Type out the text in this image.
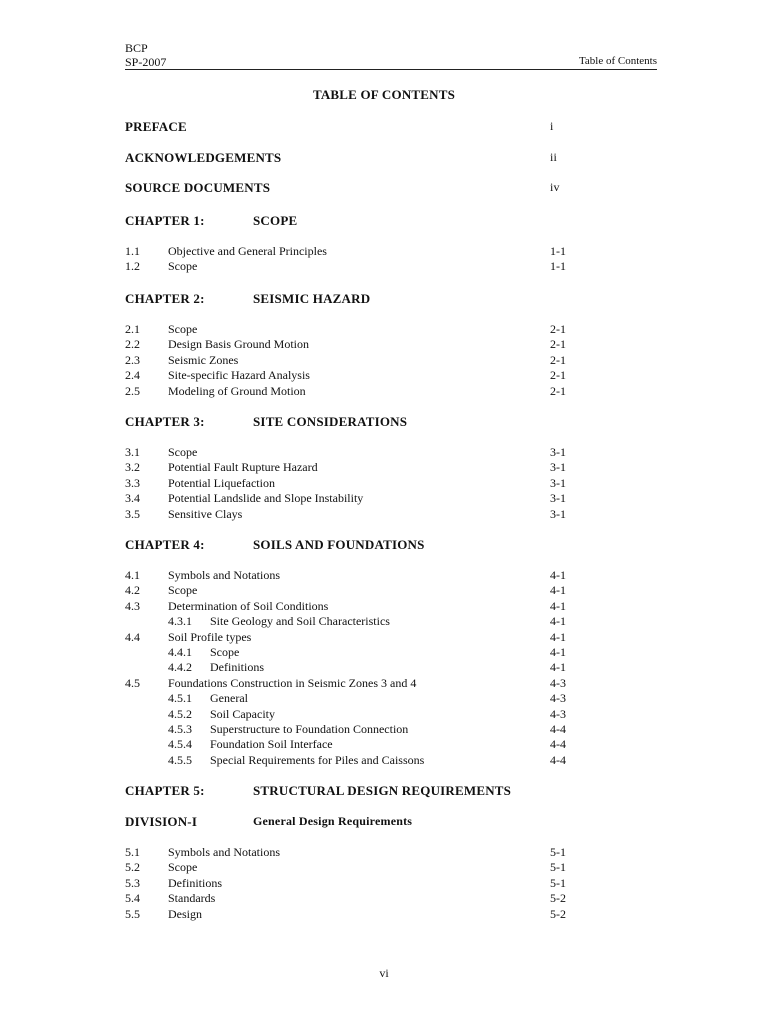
BCP
SP-2007	Table of Contents
TABLE OF CONTENTS
PREFACE	i
ACKNOWLEDGEMENTS	ii
SOURCE DOCUMENTS	iv
CHAPTER 1:	SCOPE
1.1 Objective and General Principles	1-1
1.2 Scope	1-1
CHAPTER 2:	SEISMIC HAZARD
2.1 Scope	2-1
2.2 Design Basis Ground Motion	2-1
2.3 Seismic Zones	2-1
2.4 Site-specific Hazard Analysis	2-1
2.5 Modeling of Ground Motion	2-1
CHAPTER 3:	SITE CONSIDERATIONS
3.1 Scope	3-1
3.2 Potential Fault Rupture Hazard	3-1
3.3 Potential Liquefaction	3-1
3.4 Potential Landslide and Slope Instability	3-1
3.5 Sensitive Clays	3-1
CHAPTER 4:	SOILS AND FOUNDATIONS
4.1 Symbols and Notations	4-1
4.2 Scope	4-1
4.3 Determination of Soil Conditions	4-1
4.3.1 Site Geology and Soil Characteristics	4-1
4.4 Soil Profile types	4-1
4.4.1 Scope	4-1
4.4.2 Definitions	4-1
4.5 Foundations Construction in Seismic Zones 3 and 4	4-3
4.5.1 General	4-3
4.5.2 Soil Capacity	4-3
4.5.3 Superstructure to Foundation Connection	4-4
4.5.4 Foundation Soil Interface	4-4
4.5.5 Special Requirements for Piles and Caissons	4-4
CHAPTER 5:	STRUCTURAL DESIGN REQUIREMENTS
DIVISION-I	General Design Requirements
5.1 Symbols and Notations	5-1
5.2 Scope	5-1
5.3 Definitions	5-1
5.4 Standards	5-2
5.5 Design	5-2
vi
